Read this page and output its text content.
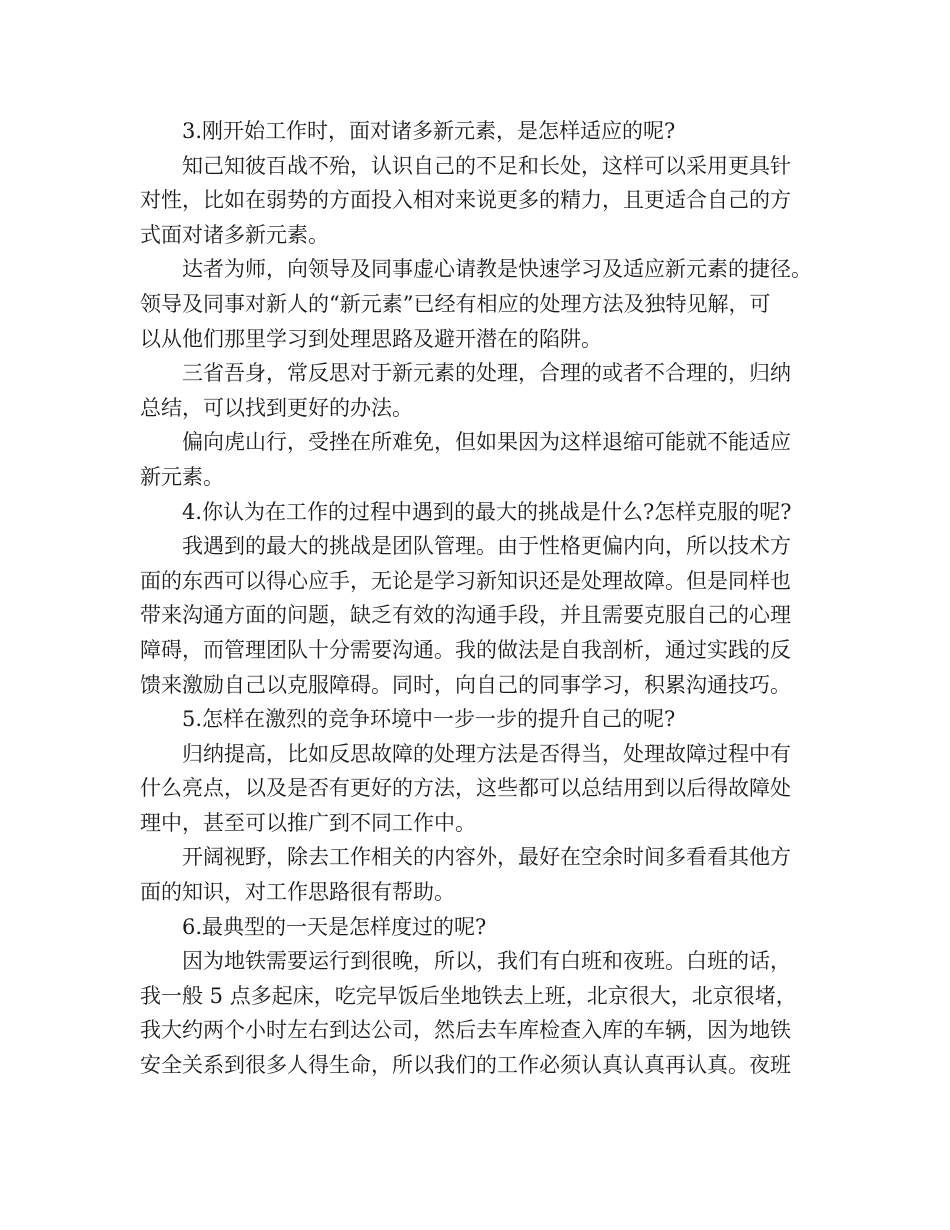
3.刚开始工作时，面对诸多新元素，是怎样适应的呢?
知己知彼百战不殆，认识自己的不足和长处，这样可以采用更具针
对性，比如在弱势的方面投入相对来说更多的精力，且更适合自己的方
式面对诸多新元素。
达者为师，向领导及同事虚心请教是快速学习及适应新元素的捷径。
领导及同事对新人的“新元素”已经有相应的处理方法及独特见解，可
以从他们那里学习到处理思路及避开潜在的陷阱。
三省吾身，常反思对于新元素的处理，合理的或者不合理的，归纳
总结，可以找到更好的办法。
偏向虎山行，受挫在所难免，但如果因为这样退缩可能就不能适应
新元素。
4.你认为在工作的过程中遇到的最大的挑战是什么?怎样克服的呢?
我遇到的最大的挑战是团队管理。由于性格更偏内向，所以技术方
面的东西可以得心应手，无论是学习新知识还是处理故障。但是同样也
带来沟通方面的问题，缺乏有效的沟通手段，并且需要克服自己的心理
障碍，而管理团队十分需要沟通。我的做法是自我剖析，通过实践的反
馈来激励自己以克服障碍。同时，向自己的同事学习，积累沟通技巧。
5.怎样在激烈的竞争环境中一步一步的提升自己的呢?
归纳提高，比如反思故障的处理方法是否得当，处理故障过程中有
什么亮点，以及是否有更好的方法，这些都可以总结用到以后得故障处
理中，甚至可以推广到不同工作中。
开阔视野，除去工作相关的内容外，最好在空余时间多看看其他方
面的知识，对工作思路很有帮助。
6.最典型的一天是怎样度过的呢?
因为地铁需要运行到很晚，所以，我们有白班和夜班。白班的话，
我一般 5 点多起床，吃完早饭后坐地铁去上班，北京很大，北京很堵，
我大约两个小时左右到达公司，然后去车库检查入库的车辆，因为地铁
安全关系到很多人得生命，所以我们的工作必须认真认真再认真。夜班
